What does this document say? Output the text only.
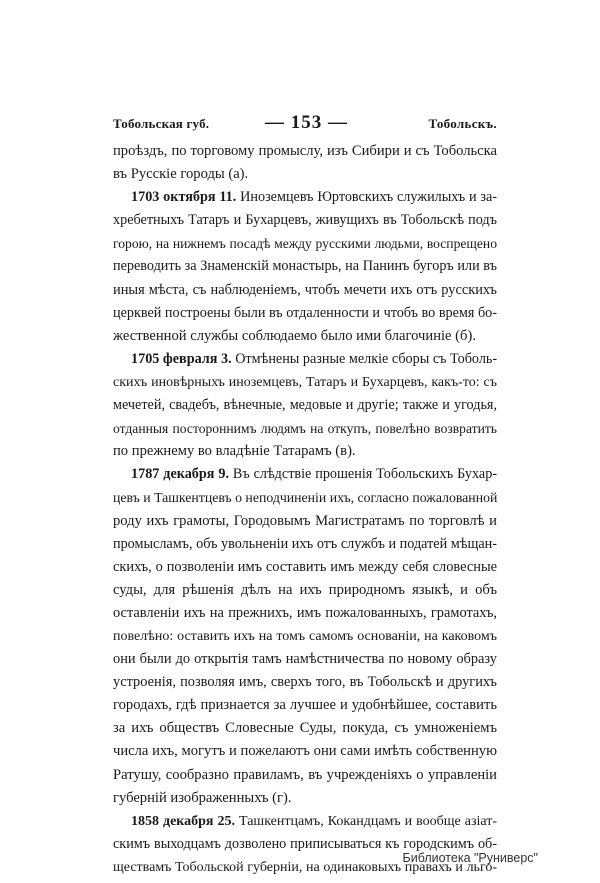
Тобольская губ.	— 153 —	Тобольскъ.
проѣздъ, по торговому промыслу, изъ Сибири и съ Тобольска
въ Русскіе городы (а).
1703 октября 11. Иноземцевъ Юртовскихъ служилыхъ и за-
хребетныхъ Татаръ и Бухарцевъ, живущихъ въ Тобольскѣ подъ
горою, на нижнемъ посадѣ между русскими людьми, воспрещено
переводить за Знаменскій монастырь, на Панинъ бугоръ или въ
иныя мѣста, съ наблюденіемъ, чтобъ мечети ихъ отъ русскихъ
церквей построены были въ отдаленности и чтобъ во время бо-
жественной службы соблюдаемо было ими благочиніе (б).
1705 февраля 3. Отмѣнены разные мелкіе сборы съ Тоболь-
скихъ иновѣрныхъ иноземцевъ, Татаръ и Бухарцевъ, какъ-то: съ
мечетей, свадебъ, вѣнечные, медовые и другіе; также и угодья,
отданныя постороннимъ людямъ на откупъ, повелѣно возвратить
по прежнему во владѣніе Татарамъ (в).
1787 декабря 9. Въ слѣдствіе прошенія Тобольскихъ Бухар-
цевъ и Ташкентцевъ о неподчиненіи ихъ, согласно пожалованной
роду ихъ грамоты, Городовымъ Магистратамъ по торговлѣ и
промысламъ, объ увольненіи ихъ отъ службъ и податей мѣщан-
скихъ, о позволеніи имъ составить имъ между себя словесные
суды, для рѣшенія дѣлъ на ихъ природномъ языкѣ, и объ
оставленіи ихъ на прежнихъ, имъ пожалованныхъ, грамотахъ,
повелѣно: оставить ихъ на томъ самомъ основаніи, на каковомъ
они были до открытія тамъ намѣстничества по новому образу
устроенія, позволяя имъ, сверхъ того, въ Тобольскѣ и другихъ
городахъ, гдѣ признается за лучшее и удобнѣйшее, составить
за ихъ обществъ Словесные Суды, покуда, съ умноженіемъ
числа ихъ, могутъ и пожелаютъ они сами имѣть собственную
Ратушу, сообразно правиламъ, въ учрежденіяхъ о управленіи
губерній изображенныхъ (г).
1858 декабря 25. Ташкентцамъ, Кокандцамъ и вообще азіат-
скимъ выходцамъ дозволено приписываться къ городскимъ об-
ществамъ Тобольской губерніи, на одинаковыхъ правахъ и льго-
Библиотека "Руниверс"
